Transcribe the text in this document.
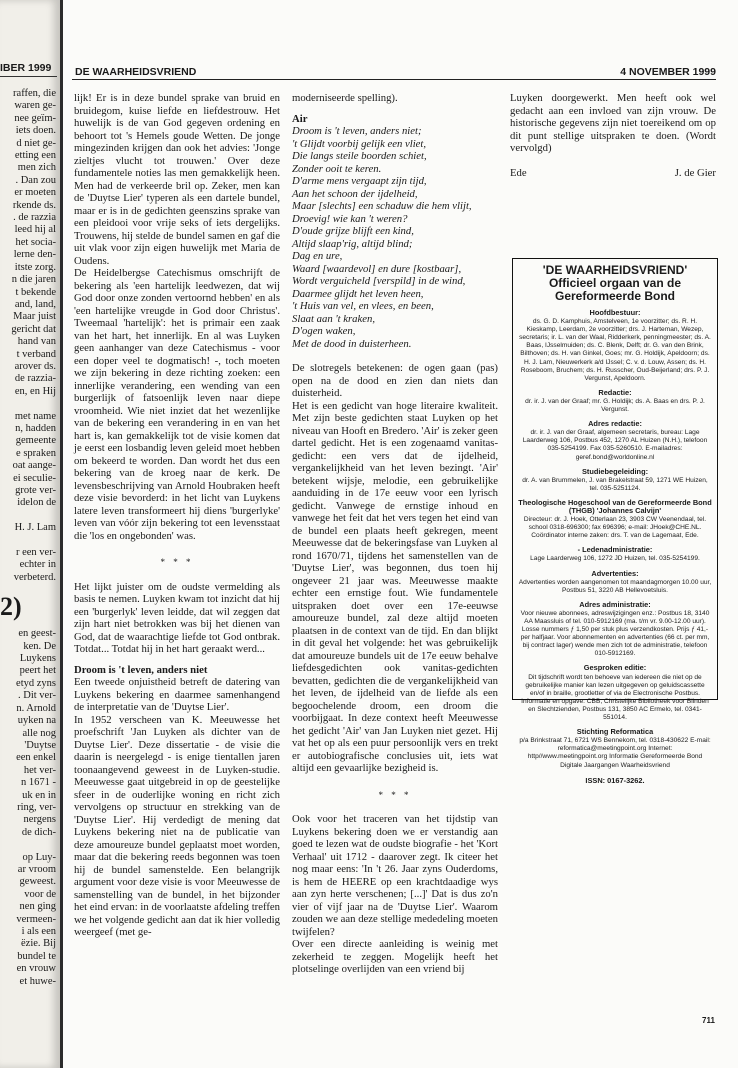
IBER 1999
raffen, die
waren ge-
nee geïm-
iets doen.
d niet ge-
etting een
men zich
. Dan zou
er moeten
rkende ds.
. de razzia
leed hij al
het socia-
lerne den-
itste zorg.
n die jaren
t bekende
and, land,
Maar juist
gericht dat
hand van
t verband
arover ds.
de razzia-
en, en Hij

met name
n, hadden
gemeente
e spraken
oat aange-
ei seculie-
grote ver-
idelon de

H. J. Lam

r een ver-
echter in
verbeterd.
2)
en geest-
ken. De
Luykens
peert het
etyd zyns
. Dit ver-
n. Arnold
uyken na
alle nog
'Duytse
een enkel
het ver-
n 1671 -
uk en in
ring, ver-
nergens
de dich-

op Luy-
ar vroom
geweest.
voor de
nen ging
vermeen-
i als een
ëzie. Bij
bundel te
en vrouw
et huwe-
DE WAARHEIDSVRIEND	4 NOVEMBER 1999

lijk! Er is in deze bundel sprake van bruid en bruidegom, kuise liefde en liefdestrouw. Het huwelijk is de van God gegeven ordening en behoort tot 's Hemels goude Wetten. De jonge mingezinden krijgen dan ook het advies: 'Jonge zieltjes vlucht tot trouwen.' Over deze fundamentele noties las men gemakkelijk heen. Men had de verkeerde bril op. Zeker, men kan de 'Duytse Lier' typeren als een dartele bundel, maar er is in de gedichten geenszins sprake van een pleidooi voor vrije seks of iets dergelijks. Trouwens, hij stelde de bundel samen en gaf die uit vlak voor zijn eigen huwelijk met Maria de Oudens.

De Heidelbergse Catechismus omschrijft de bekering als 'een hartelijk leedwezen, dat wij God door onze zonden vertoornd hebben' en als 'een hartelijke vreugde in God door Christus'. Tweemaal 'hartelijk': het is primair een zaak van het hart, het innerlijk. En al was Luyken geen aanhanger van deze Catechismus - voor een doper veel te dogmatisch! -, toch moeten we zijn bekering in deze richting zoeken: een innerlijke verandering, een wending van een burgerlijk of fatsoenlijk leven naar diepe vroomheid. Wie niet inziet dat het wezenlijke van de bekering een verandering in en van het hart is, kan gemakkelijk tot de visie komen dat je eerst een losbandig leven geleid moet hebben om bekeerd te worden. Dan wordt het dus een bekering van de kroeg naar de kerk. De levensbeschrijving van Arnold Houbraken heeft deze visie bevorderd: in het licht van Luykens latere leven transformeert hij diens 'burgerlyke' leven van vóór zijn bekering tot een levensstaat die 'los en ongebonden' was.

* * *

Het lijkt juister om de oudste vermelding als basis te nemen. Luyken kwam tot inzicht dat hij een 'burgerlyk' leven leidde, dat wil zeggen dat zijn hart niet betrokken was bij het dienen van God, dat de waarachtige liefde tot God ontbrak. Totdat... Totdat hij in het hart geraakt werd...

Droom is 't leven, anders niet

Een tweede onjuistheid betreft de datering van Luykens bekering en daarmee samenhangend de interpretatie van de 'Duytse Lier'.

In 1952 verscheen van K. Meeuwesse het proefschrift 'Jan Luyken als dichter van de Duytse Lier'. Deze dissertatie - de visie die daarin is neergelegd - is enige tientallen jaren toonaangevend geweest in de Luyken-studie. Meeuwesse gaat uitgebreid in op de geestelijke sfeer in de ouderlijke woning en richt zich vervolgens op structuur en strekking van de 'Duytse Lier'. Hij verdedigt de mening dat Luykens bekering niet na de publicatie van deze amoureuze bundel geplaatst moet worden, maar dat die bekering reeds begonnen was toen hij de bundel samenstelde. Een belangrijk argument voor deze visie is voor Meeuwesse de samenstelling van de bundel, in het bijzonder het eind ervan: in de voorlaatste afdeling treffen we het volgende gedicht aan dat ik hier volledig weergeef (met ge-

moderniseerde spelling).

Air

Droom is 't leven, anders niet;
't Glijdt voorbij gelijk een vliet,
Die langs steile boorden schiet,
Zonder ooit te keren.
D'arme mens vergaapt zijn tijd,
Aan het schoon der ijdelheid,
Maar [slechts] een schaduw die hem vlijt,
Droevig! wie kan 't weren?
D'oude grijze blijft een kind,
Altijd slaap'rig, altijd blind;
Dag en ure,
Waard [waardevol] en dure [kostbaar],
Wordt verguicheld [verspild] in de wind,
Daarmee glijdt het leven heen,
't Huis van vel, en vlees, en been,
Slaat aan 't kraken,
D'ogen waken,
Met de dood in duisterheen.

De slotregels betekenen: de ogen gaan (pas) open na de dood en zien dan niets dan duisterheid.

Het is een gedicht van hoge literaire kwaliteit. Met zijn beste gedichten staat Luyken op het niveau van Hooft en Bredero. 'Air' is zeker geen dartel gedicht. Het is een zogenaamd vanitas-gedicht: een vers dat de ijdelheid, vergankelijkheid van het leven bezingt. 'Air' betekent wijsje, melodie, een gebruikelijke aanduiding in de 17e eeuw voor een lyrisch gedicht. Vanwege de ernstige inhoud en vanwege het feit dat het vers tegen het eind van de bundel een plaats heeft gekregen, meent Meeuwesse dat de bekeringsfase van Luyken al rond 1670/71, tijdens het samenstellen van de 'Duytse Lier', was begonnen, dus toen hij ongeveer 21 jaar was. Meeuwesse maakte echter een ernstige fout. Wie fundamentele uitspraken doet over een 17e-eeuwse amoureuze bundel, zal deze altijd moeten plaatsen in de context van de tijd. En dan blijkt in dit geval het volgende: het was gebruikelijk dat amoureuze bundels uit de 17e eeuw behalve liefdesgedichten ook vanitas-gedichten bevatten, gedichten die de vergankelijkheid van het leven, de ijdelheid van de liefde als een begoochelende droom, een droom die voorbijgaat. In deze context heeft Meeuwesse het gedicht 'Air' van Jan Luyken niet gezet. Hij vat het op als een puur persoonlijk vers en trekt er autobiografische conclusies uit, iets wat altijd een gevaarlijke bezigheid is.

* * *

Ook voor het traceren van het tijdstip van Luykens bekering doen we er verstandig aan goed te lezen wat de oudste biografie - het 'Kort Verhaal' uit 1712 - daarover zegt. Ik citeer het nog maar eens: 'In 't 26. Jaar zyns Ouderdoms, is hem de HEERE op een krachtdaadige wys aan zyn herte verschenen; [...]' Dat is dus zo'n vier of vijf jaar na de 'Duytse Lier'. Waarom zouden we aan deze stellige mededeling moeten twijfelen?

Over een directe aanleiding is weinig met zekerheid te zeggen. Mogelijk heeft het plotselinge overlijden van een vriend bij

Luyken doorgewerkt. Men heeft ook wel gedacht aan een invloed van zijn vrouw. De historische gegevens zijn niet toereikend om op dit punt stellige uitspraken te doen. (Wordt vervolgd)

Ede	J. de Gier

'DE WAARHEIDSVRIEND'
Officieel orgaan van de Gereformeerde Bond
Hoofdbestuur:

ds. G. D. Kamphuis, Amstelveen, 1e voorzitter; ds. R. H. Kieskamp, Leerdam, 2e voorzitter; drs. J. Harteman, Wezep, secretaris; ir. L. van der Waal, Ridderkerk, penningmeester; ds. A. Baas, IJsselmuiden; ds. C. Blenk, Delft; dr. G. van den Brink, Bilthoven; ds. H. van Ginkel, Goes; mr. G. Holdijk, Apeldoorn; ds. H. J. Lam, Nieuwerkerk a/d IJssel; C. v. d. Louw, Assen; ds. H. Roseboom, Bruchem; ds. H. Russcher, Oud-Beijerland; drs. P. J. Vergunst, Apeldoorn.

Redactie:

dr. ir. J. van der Graaf; mr. G. Holdijk; ds. A. Baas en drs. P. J. Vergunst.

Adres redactie:

dr. ir. J. van der Graaf, algemeen secretaris, bureau: Lage Laarderweg 106, Postbus 452, 1270 AL Huizen (N.H.), telefoon 035-5254199. Fax 035-5260510. E-mailadres: geref.bond@worldonline.nl

Studiebegeleiding:

dr. A. van Brummelen, J. van Brakelstraat 59, 1271 WE Huizen, tel. 035-5251124.

Theologische Hogeschool van de Gereformeerde Bond (THGB) 'Johannes Calvijn'

Directeur: dr. J. Hoek, Otterlaan 23, 3903 CW Veenendaal, tel. school 0318-696300; fax 696396; e-mail: JHoek@CHE.NL. Coördinator interne zaken: drs. T. van de Lagemaat, Ede.

- Ledenadministratie:

Lage Laarderweg 106, 1272 JD Huizen, tel. 035-5254199.

Advertenties:

Advertenties worden aangenomen tot maandagmorgen 10.00 uur, Postbus 51, 3220 AB Hellevoetsluis.

Adres administratie:

Voor nieuwe abonnees, adreswijzigingen enz.: Postbus 18, 3140 AA Maassluis of tel. 010-5912169 (ma. t/m vr. 9.00-12.00 uur). Losse nummers ƒ 1,50 per stuk plus verzendkosten. Prijs ƒ 41,- per halfjaar. Voor abonnementen en advertenties (66 ct. per mm, bij contract lager) wende men zich tot de administratie, telefoon 010-5912169.

Gesproken editie:

Dit tijdschrift wordt ten behoeve van iedereen die niet op de gebruikelijke manier kan lezen uitgegeven op geluidscassette en/of in braille, grootletter of via de Electronische Postbus. Informatie en opgave: CBB, Christelijke Bibliotheek voor Blinden en Slechtzienden, Postbus 131, 3850 AC Ermelo, tel. 0341-551014.

Stichting Reformatica

p/a Brinkstraat 71, 6721 WS Bennekom, tel. 0318-430622 E-mail: reformatica@meetingpoint.org Internet: http//www.meetingpoint.org Informatie Gereformeerde Bond Digitale Jaargangen Waarheidsvriend

ISSN: 0167-3262.

711
